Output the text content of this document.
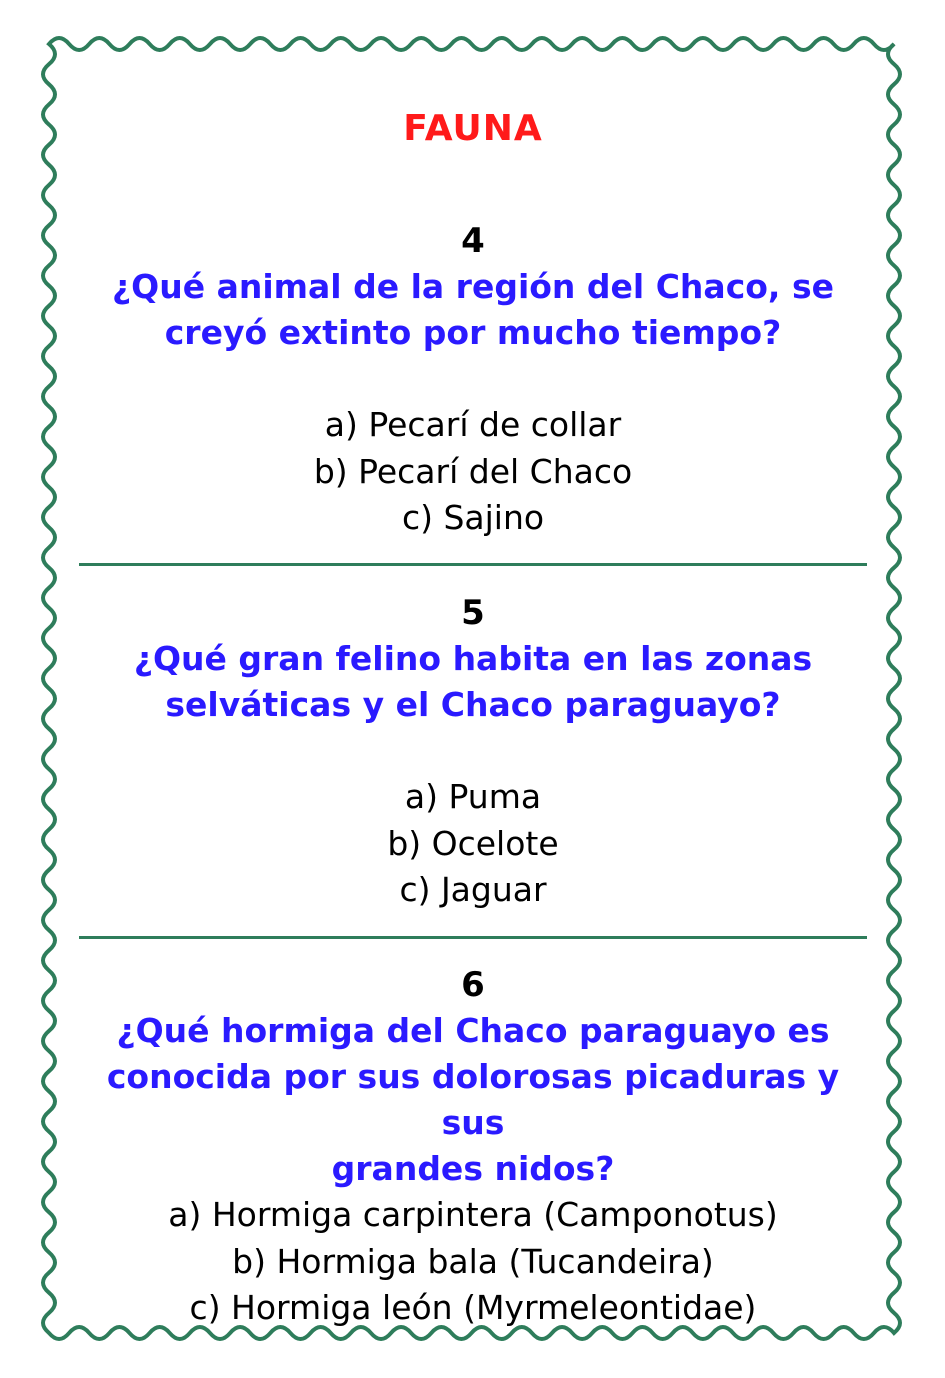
FAUNA
4
¿Qué animal de la región del Chaco, se
creyó extinto por mucho tiempo?
a) Pecarí de collar
b) Pecarí del Chaco
c) Sajino
5
¿Qué gran felino habita en las zonas
selváticas y el Chaco paraguayo?
a) Puma
b) Ocelote
c) Jaguar
6
¿Qué hormiga del Chaco paraguayo es
conocida por sus dolorosas picaduras y sus
grandes nidos?
a) Hormiga carpintera (Camponotus)
b) Hormiga bala (Tucandeira)
c) Hormiga león (Myrmeleontidae)
